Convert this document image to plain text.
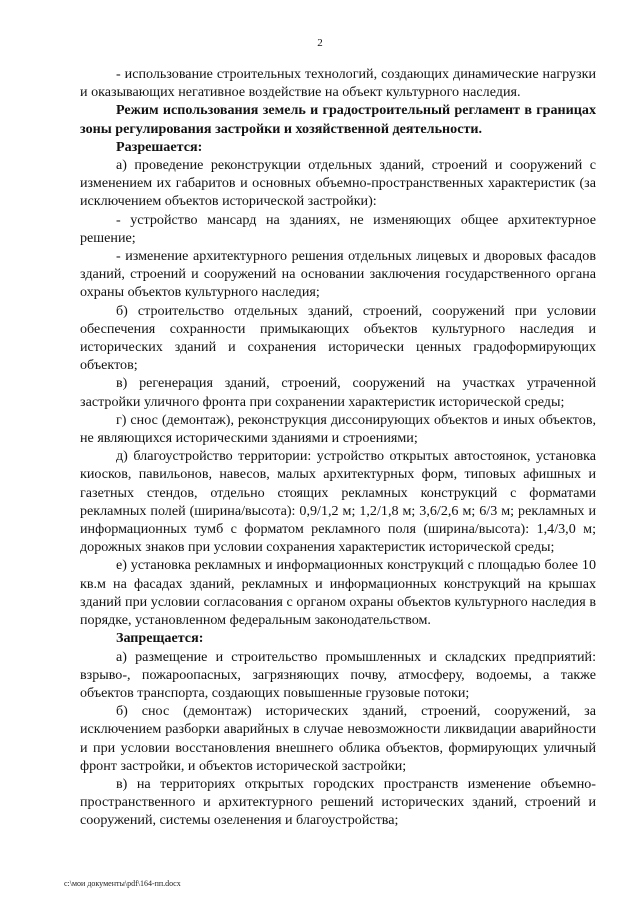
2

- использование строительных технологий, создающих динамические нагрузки и оказывающих негативное воздействие на объект культурного наследия.

Режим использования земель и градостроительный регламент в границах зоны регулирования застройки и хозяйственной деятельности.

Разрешается:

а) проведение реконструкции отдельных зданий, строений и сооружений с изменением их габаритов и основных объемно-пространственных характеристик (за исключением объектов исторической застройки):

- устройство мансард на зданиях, не изменяющих общее архитектурное решение;

- изменение архитектурного решения отдельных лицевых и дворовых фасадов зданий, строений и сооружений на основании заключения государственного органа охраны объектов культурного наследия;

б) строительство отдельных зданий, строений, сооружений при условии обеспечения сохранности примыкающих объектов культурного наследия и исторических зданий и сохранения исторически ценных градоформирующих объектов;

в) регенерация зданий, строений, сооружений на участках утраченной застройки уличного фронта при сохранении характеристик исторической среды;

г) снос (демонтаж), реконструкция диссонирующих объектов и иных объектов, не являющихся историческими зданиями и строениями;

д) благоустройство территории: устройство открытых автостоянок, установка киосков, павильонов, навесов, малых архитектурных форм, типовых афишных и газетных стендов, отдельно стоящих рекламных конструкций с форматами рекламных полей (ширина/высота): 0,9/1,2 м; 1,2/1,8 м; 3,6/2,6 м; 6/3 м; рекламных и информационных тумб с форматом рекламного поля (ширина/высота): 1,4/3,0 м; дорожных знаков при условии сохранения характеристик исторической среды;

е) установка рекламных и информационных конструкций с площадью более 10 кв.м на фасадах зданий, рекламных и информационных конструкций на крышах зданий при условии согласования с органом охраны объектов культурного наследия в порядке, установленном федеральным законодательством.

Запрещается:

а) размещение и строительство промышленных и складских предприятий: взрыво-, пожароопасных, загрязняющих почву, атмосферу, водоемы, а также объектов транспорта, создающих повышенные грузовые потоки;

б) снос (демонтаж) исторических зданий, строений, сооружений, за исключением разборки аварийных в случае невозможности ликвидации аварийности и при условии восстановления внешнего облика объектов, формирующих уличный фронт застройки, и объектов исторической застройки;

в) на территориях открытых городских пространств изменение объемно-пространственного и архитектурного решений исторических зданий, строений и сооружений, системы озеленения и благоустройства;

c:\мои документы\pdf\164-пп.docx
